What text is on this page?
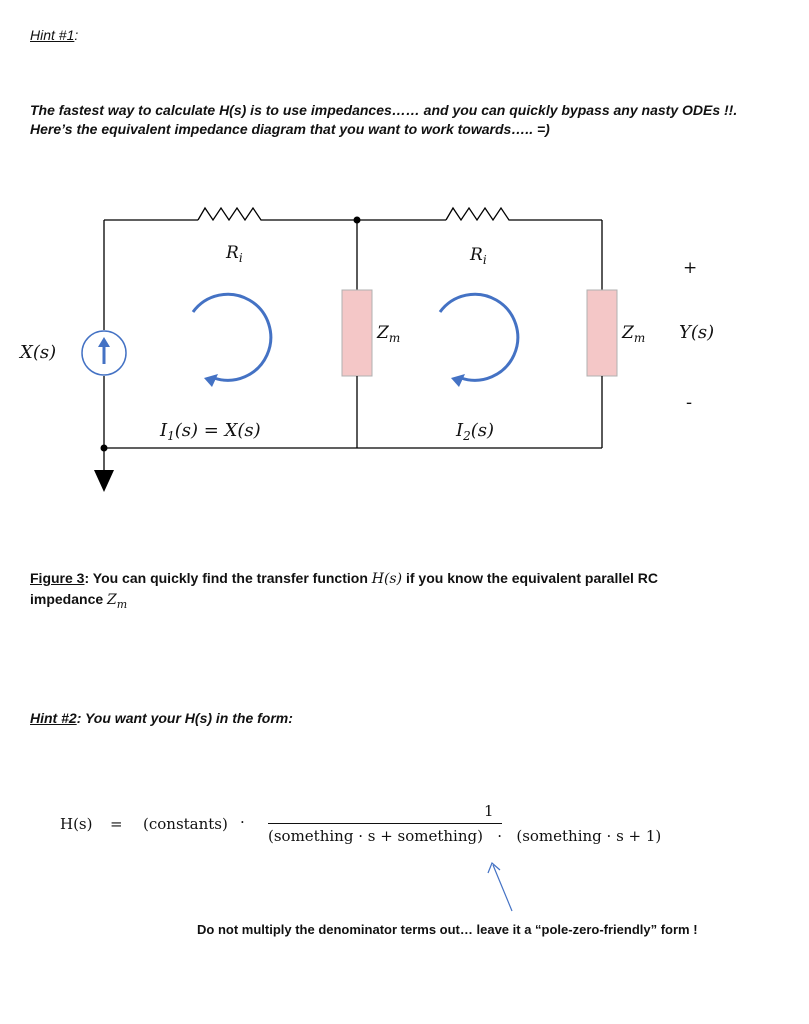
Hint #1:
The fastest way to calculate H(s) is to use impedances…… and you can quickly bypass any nasty ODEs !!.
Here’s the equivalent impedance diagram that you want to work towards….. =)
X(s)
$R_i$	$R_i$
$Z_m$	$Z_m$
+
Y(s)
-
$I_1(s) = X(s)$	$I_2(s)$
Figure 3: You can quickly find the transfer function H(s) if you know the equivalent parallel RC
impedance $Z_m$
Hint #2: You want your H(s) in the form:
H(s) = (constants) ·
1
(something · s + something)   ·   (something · s + 1)
Do not multiply the denominator terms out… leave it a “pole-zero-friendly” form !
